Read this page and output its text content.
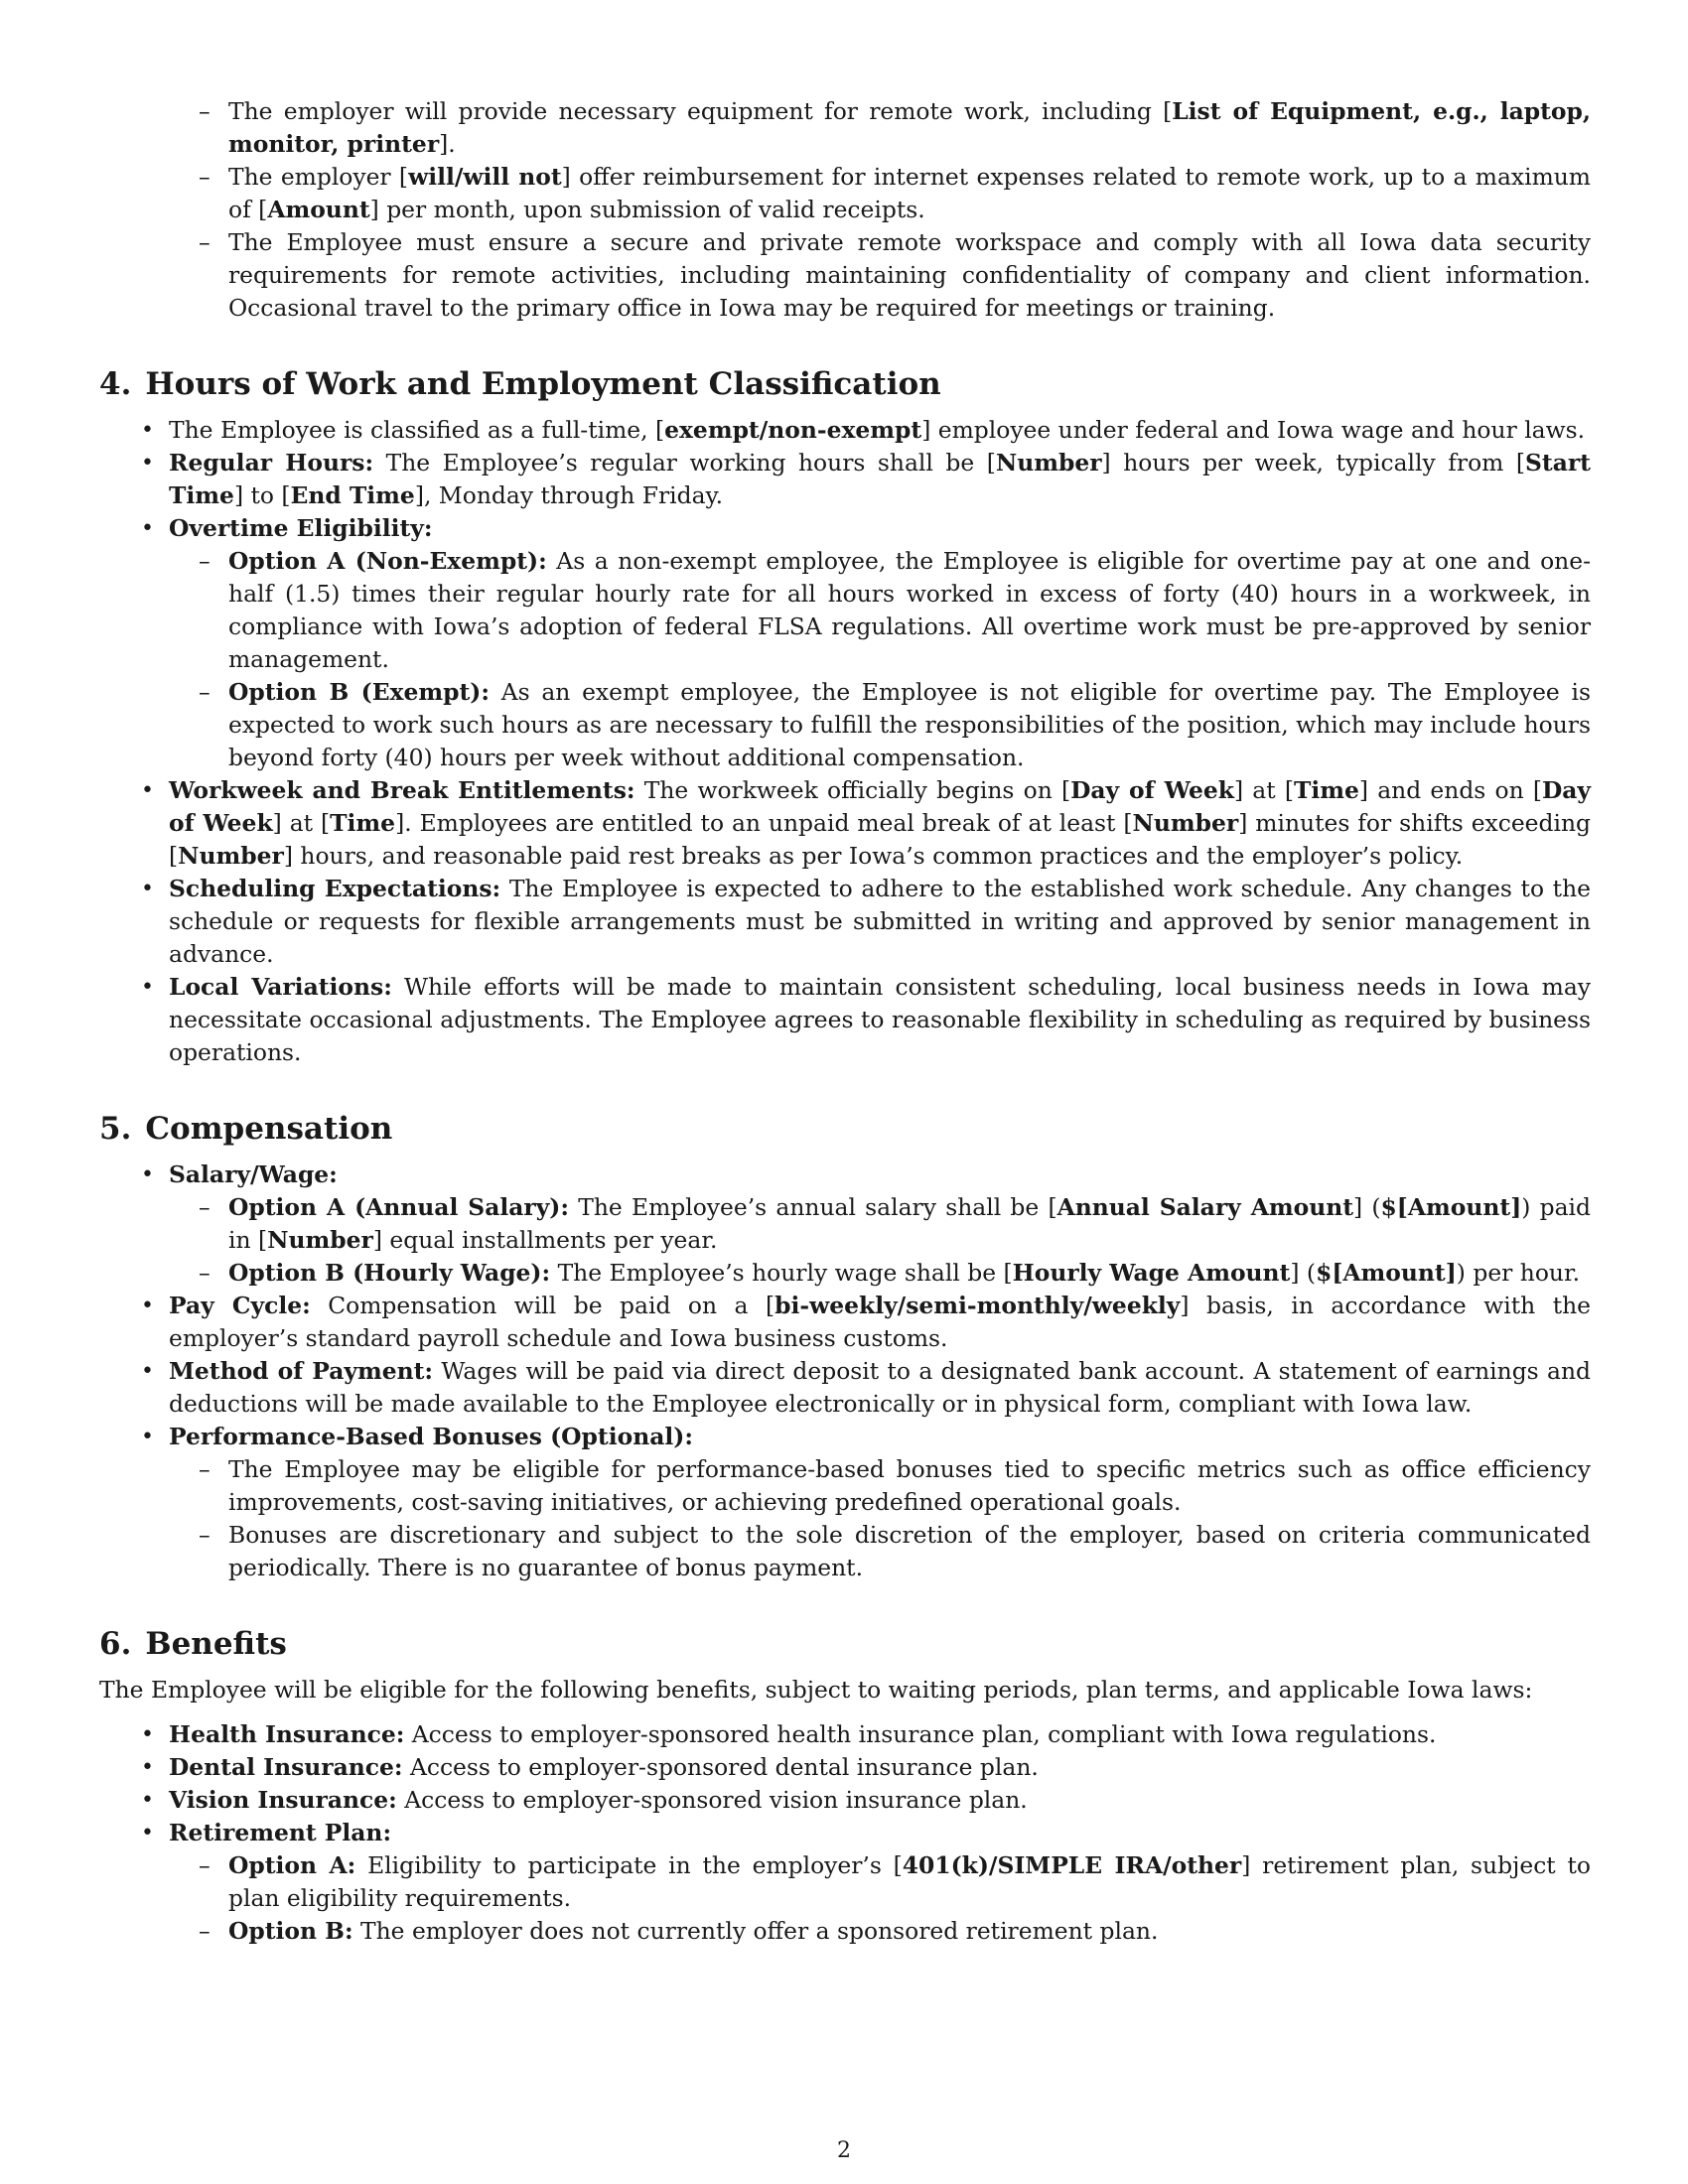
– The employer will provide necessary equipment for remote work, including [List of Equipment, e.g., laptop, monitor, printer].
– The employer [will/will not] offer reimbursement for internet expenses related to remote work, up to a maximum of [Amount] per month, upon submission of valid receipts.
– The Employee must ensure a secure and private remote workspace and comply with all Iowa data security requirements for remote activities, including maintaining confidentiality of company and client information. Occasional travel to the primary office in Iowa may be required for meetings or training.
4. Hours of Work and Employment Classification
• The Employee is classified as a full-time, [exempt/non-exempt] employee under federal and Iowa wage and hour laws.
• Regular Hours: The Employee’s regular working hours shall be [Number] hours per week, typically from [Start Time] to [End Time], Monday through Friday.
• Overtime Eligibility:
– Option A (Non-Exempt): As a non-exempt employee, the Employee is eligible for overtime pay at one and one-half (1.5) times their regular hourly rate for all hours worked in excess of forty (40) hours in a workweek, in compliance with Iowa’s adoption of federal FLSA regulations. All overtime work must be pre-approved by senior management.
– Option B (Exempt): As an exempt employee, the Employee is not eligible for overtime pay. The Employee is expected to work such hours as are necessary to fulfill the responsibilities of the position, which may include hours beyond forty (40) hours per week without additional compensation.
• Workweek and Break Entitlements: The workweek officially begins on [Day of Week] at [Time] and ends on [Day of Week] at [Time]. Employees are entitled to an unpaid meal break of at least [Number] minutes for shifts exceeding [Number] hours, and reasonable paid rest breaks as per Iowa’s common practices and the employer’s policy.
• Scheduling Expectations: The Employee is expected to adhere to the established work schedule. Any changes to the schedule or requests for flexible arrangements must be submitted in writing and approved by senior management in advance.
• Local Variations: While efforts will be made to maintain consistent scheduling, local business needs in Iowa may necessitate occasional adjustments. The Employee agrees to reasonable flexibility in scheduling as required by business operations.
5. Compensation
• Salary/Wage:
– Option A (Annual Salary): The Employee’s annual salary shall be [Annual Salary Amount] ($[Amount]) paid in [Number] equal installments per year.
– Option B (Hourly Wage): The Employee’s hourly wage shall be [Hourly Wage Amount] ($[Amount]) per hour.
• Pay Cycle: Compensation will be paid on a [bi-weekly/semi-monthly/weekly] basis, in accordance with the employer’s standard payroll schedule and Iowa business customs.
• Method of Payment: Wages will be paid via direct deposit to a designated bank account. A statement of earnings and deductions will be made available to the Employee electronically or in physical form, compliant with Iowa law.
• Performance-Based Bonuses (Optional):
– The Employee may be eligible for performance-based bonuses tied to specific metrics such as office efficiency improvements, cost-saving initiatives, or achieving predefined operational goals.
– Bonuses are discretionary and subject to the sole discretion of the employer, based on criteria communicated periodically. There is no guarantee of bonus payment.
6. Benefits

The Employee will be eligible for the following benefits, subject to waiting periods, plan terms, and applicable Iowa laws:

• Health Insurance: Access to employer-sponsored health insurance plan, compliant with Iowa regulations.
• Dental Insurance: Access to employer-sponsored dental insurance plan.
• Vision Insurance: Access to employer-sponsored vision insurance plan.
• Retirement Plan:
– Option A: Eligibility to participate in the employer’s [401(k)/SIMPLE IRA/other] retirement plan, subject to plan eligibility requirements.
– Option B: The employer does not currently offer a sponsored retirement plan.
2
